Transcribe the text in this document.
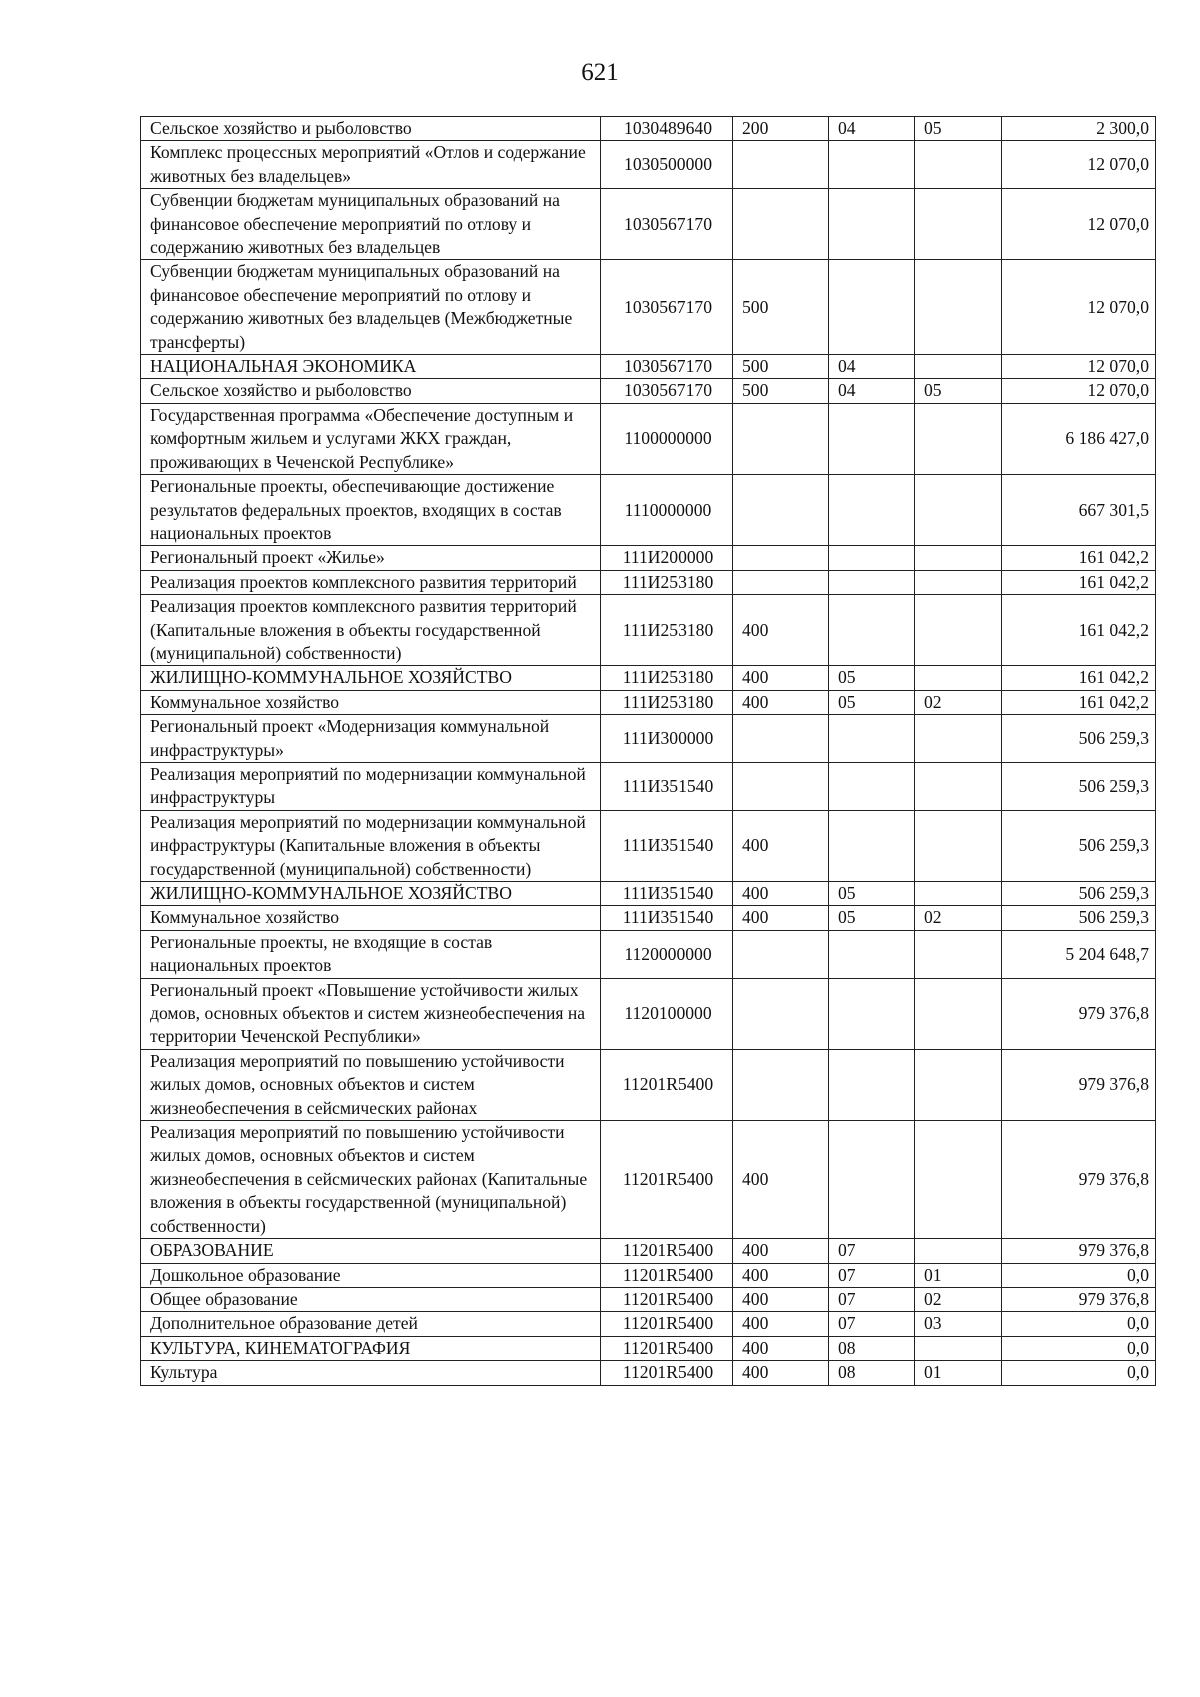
621
Сельское хозяйство и рыболовство	1030489640	200	04	05	2 300,0
Комплекс процессных мероприятий «Отлов и содержание животных без владельцев»	1030500000				12 070,0
Субвенции бюджетам муниципальных образований на финансовое обеспечение мероприятий по отлову и содержанию животных без владельцев	1030567170				12 070,0
Субвенции бюджетам муниципальных образований на финансовое обеспечение мероприятий по отлову и содержанию животных без владельцев (Межбюджетные трансферты)	1030567170	500			12 070,0
НАЦИОНАЛЬНАЯ ЭКОНОМИКА	1030567170	500	04		12 070,0
Сельское хозяйство и рыболовство	1030567170	500	04	05	12 070,0
Государственная программа «Обеспечение доступным и комфортным жильем и услугами ЖКХ граждан, проживающих в Чеченской Республике»	1100000000				6 186 427,0
Региональные проекты, обеспечивающие достижение результатов федеральных проектов, входящих в состав национальных проектов	1110000000				667 301,5
Региональный проект «Жилье»	111И200000				161 042,2
Реализация проектов комплексного развития территорий	111И253180				161 042,2
Реализация проектов комплексного развития территорий (Капитальные вложения в объекты государственной (муниципальной) собственности)	111И253180	400			161 042,2
ЖИЛИЩНО-КОММУНАЛЬНОЕ ХОЗЯЙСТВО	111И253180	400	05		161 042,2
Коммунальное хозяйство	111И253180	400	05	02	161 042,2
Региональный проект «Модернизация коммунальной инфраструктуры»	111И300000				506 259,3
Реализация мероприятий по модернизации коммунальной инфраструктуры	111И351540				506 259,3
Реализация мероприятий по модернизации коммунальной инфраструктуры (Капитальные вложения в объекты государственной (муниципальной) собственности)	111И351540	400			506 259,3
ЖИЛИЩНО-КОММУНАЛЬНОЕ ХОЗЯЙСТВО	111И351540	400	05		506 259,3
Коммунальное хозяйство	111И351540	400	05	02	506 259,3
Региональные проекты, не входящие в состав национальных проектов	1120000000				5 204 648,7
Региональный проект «Повышение устойчивости жилых домов, основных объектов и систем жизнеобеспечения на территории Чеченской Республики»	1120100000				979 376,8
Реализация мероприятий по повышению устойчивости жилых домов, основных объектов и систем жизнеобеспечения в сейсмических районах	11201R5400				979 376,8
Реализация мероприятий по повышению устойчивости жилых домов, основных объектов и систем жизнеобеспечения в сейсмических районах (Капитальные вложения в объекты государственной (муниципальной) собственности)	11201R5400	400			979 376,8
ОБРАЗОВАНИЕ	11201R5400	400	07		979 376,8
Дошкольное образование	11201R5400	400	07	01	0,0
Общее образование	11201R5400	400	07	02	979 376,8
Дополнительное образование детей	11201R5400	400	07	03	0,0
КУЛЬТУРА, КИНЕМАТОГРАФИЯ	11201R5400	400	08		0,0
Культура	11201R5400	400	08	01	0,0
